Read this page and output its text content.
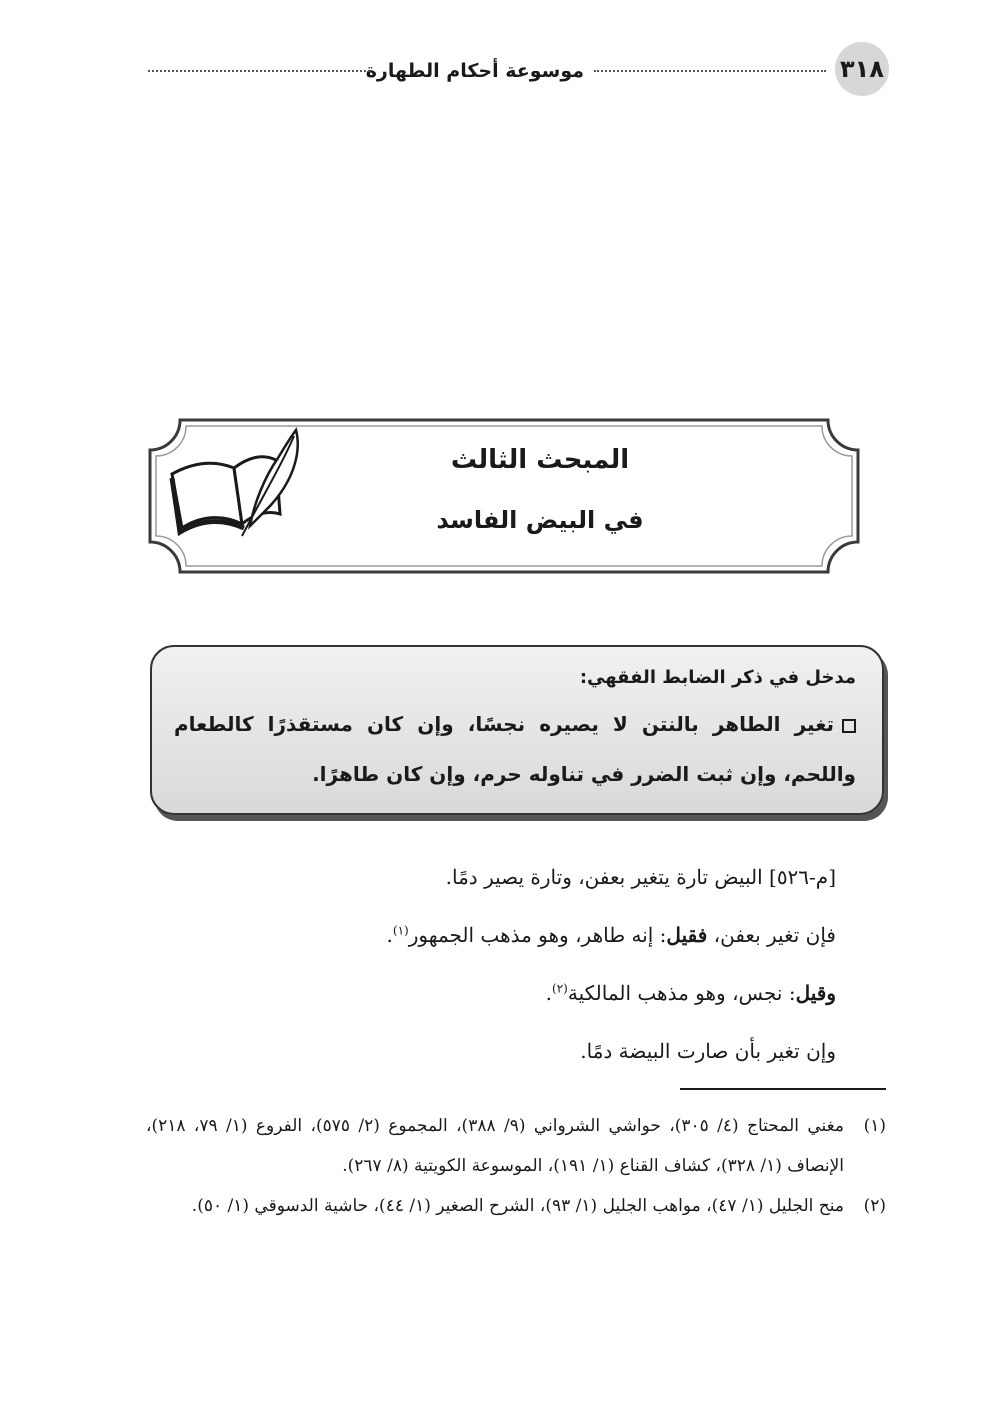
٣١٨
موسوعة أحكام الطهارة
المبحث الثالث
في البيض الفاسد
مدخل في ذكر الضابط الفقهي:
تغير الطاهر بالنتن لا يصيره نجسًا، وإن كان مستقذرًا كالطعام واللحم، وإن ثبت الضرر في تناوله حرم، وإن كان طاهرًا.

[م-٥٢٦] البيض تارة يتغير بعفن، وتارة يصير دمًا.

فإن تغير بعفن، فقيل: إنه طاهر، وهو مذهب الجمهور$^{(١)}$.

وقيل: نجس، وهو مذهب المالكية$^{(٢)}$.

وإن تغير بأن صارت البيضة دمًا.

(١)
مغني المحتاج (٤/ ٣٠٥)، حواشي الشرواني (٩/ ٣٨٨)، المجموع (٢/ ٥٧٥)، الفروع (١/ ٧٩، ٢١٨)، الإنصاف (١/ ٣٢٨)، كشاف القناع (١/ ١٩١)، الموسوعة الكويتية (٨/ ٢٦٧).
(٢)
منح الجليل (١/ ٤٧)، مواهب الجليل (١/ ٩٣)، الشرح الصغير (١/ ٤٤)، حاشية الدسوقي (١/ ٥٠).
